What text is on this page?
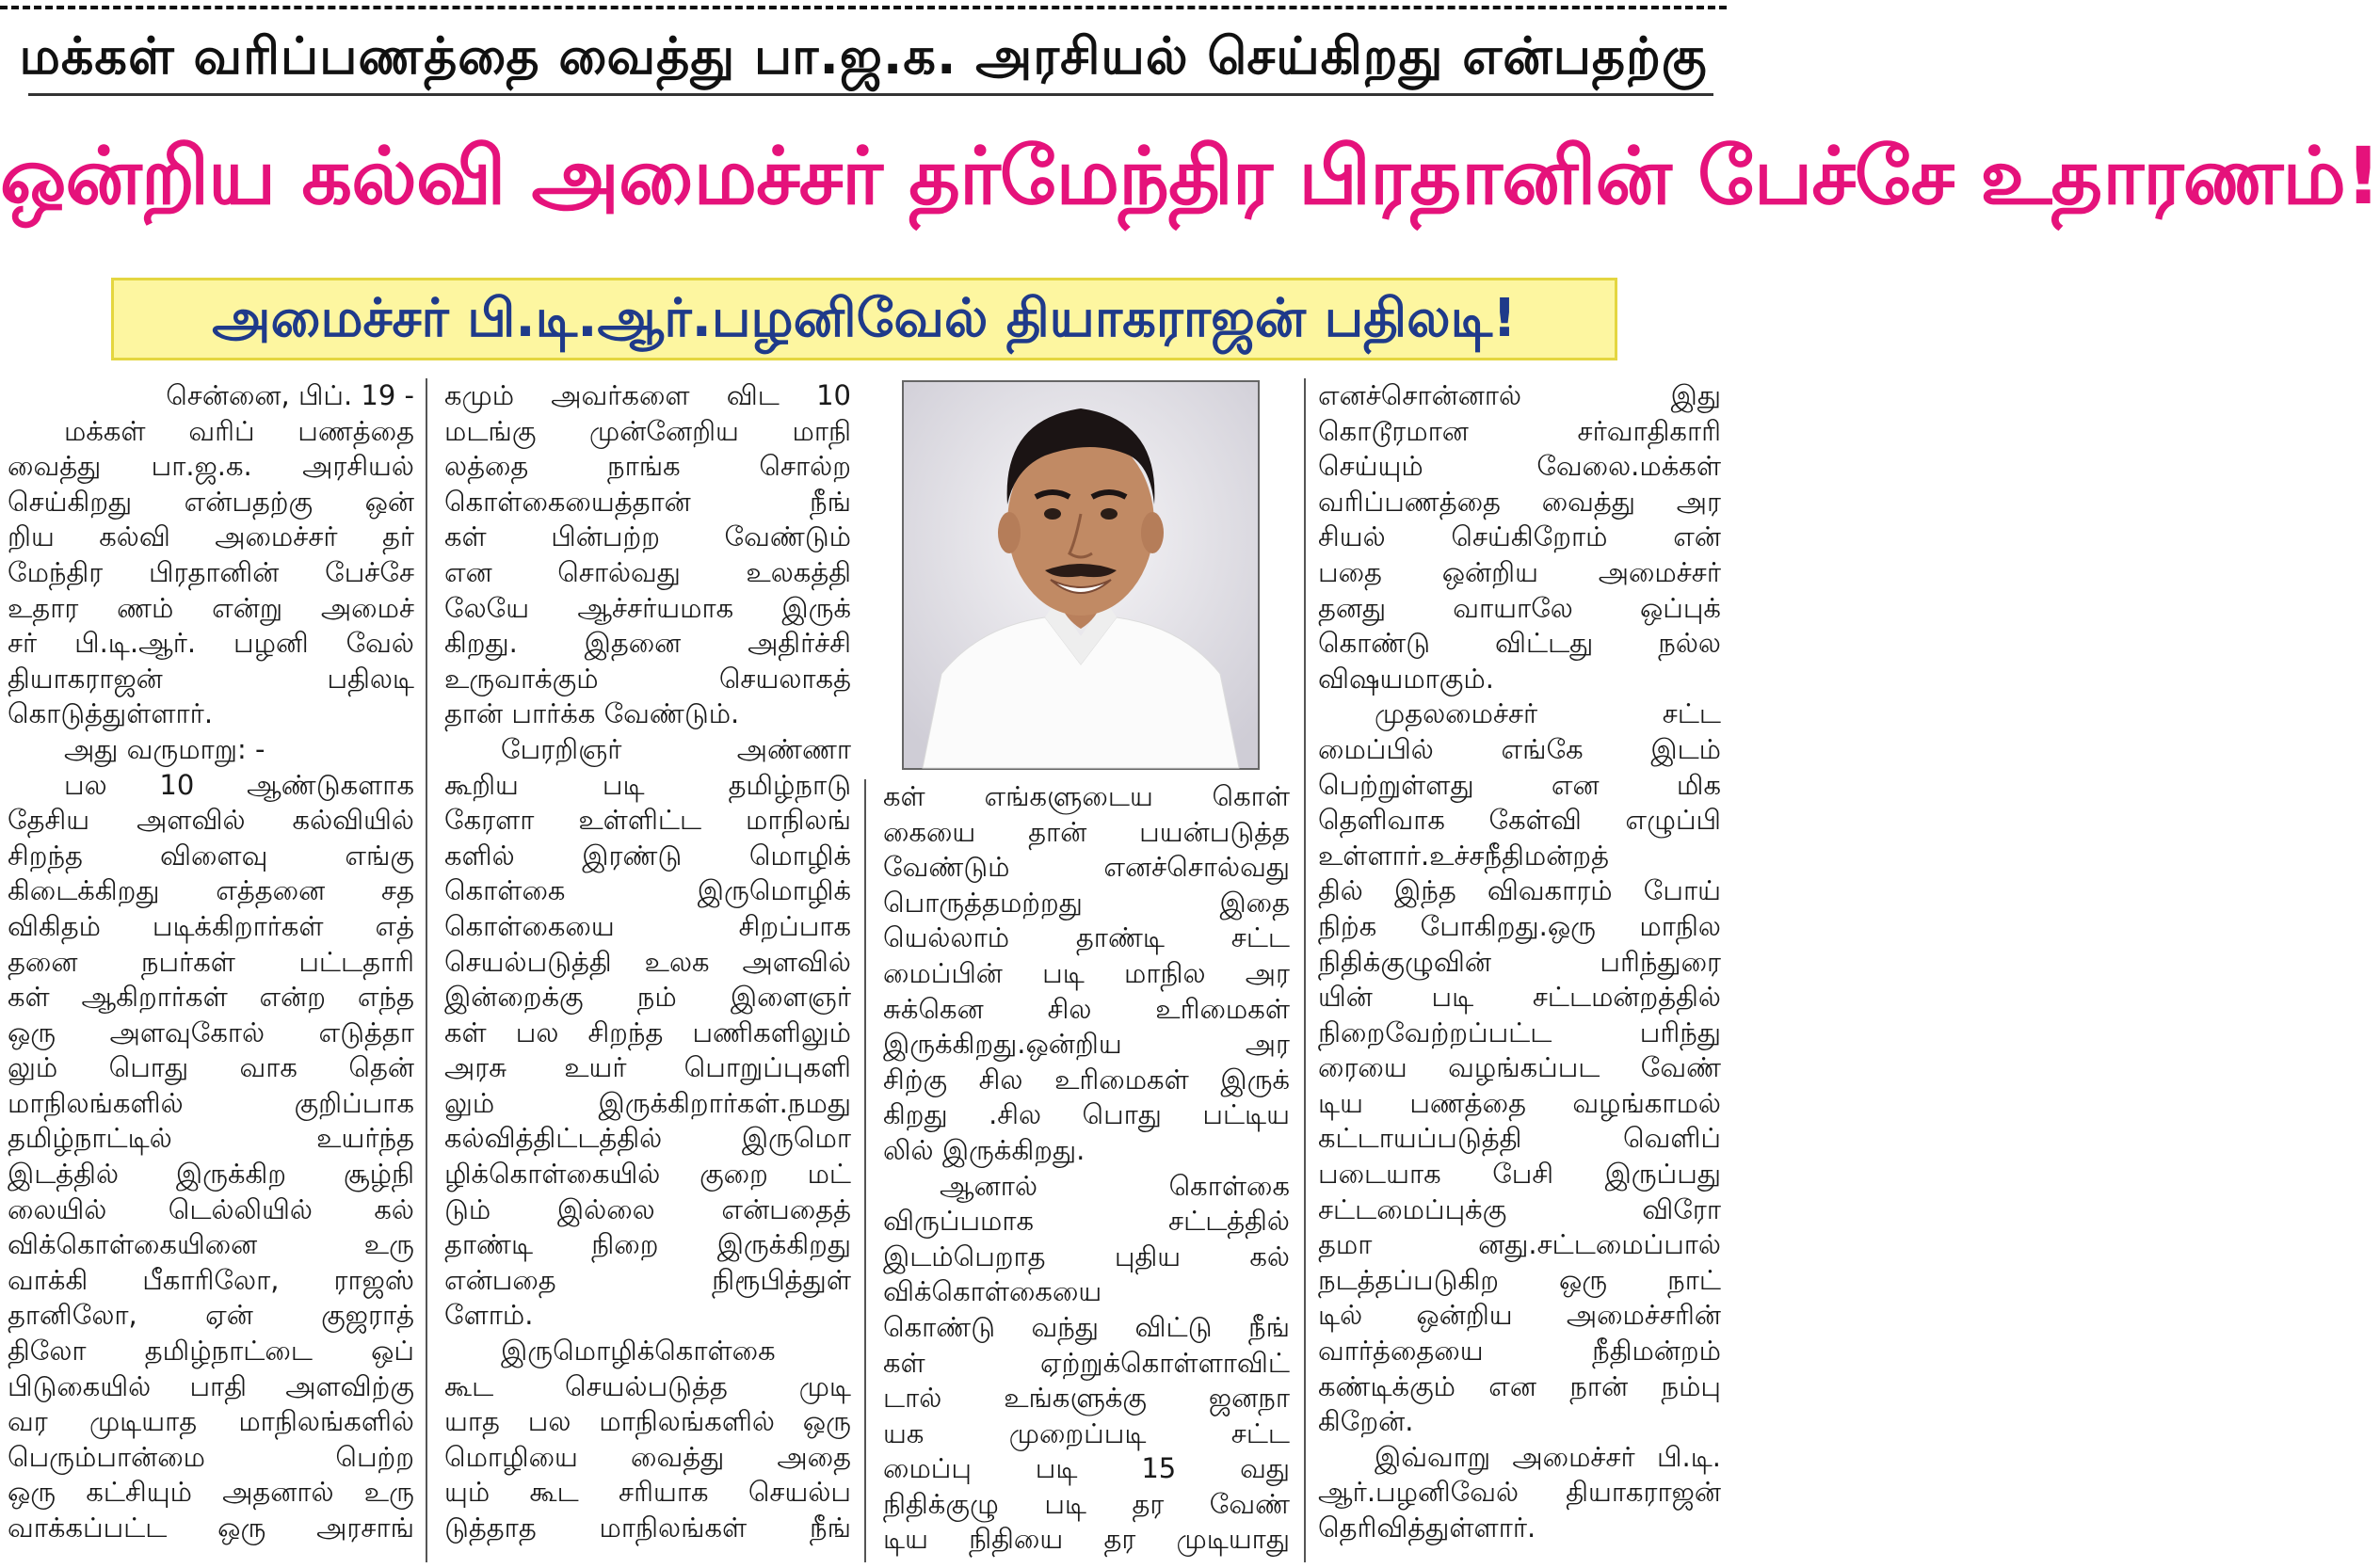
மக்கள் வரிப்பணத்தை வைத்து பா.ஜ.க. அரசியல் செய்கிறது என்பதற்கு
ஒன்றிய கல்வி அமைச்சர் தர்மேந்திர பிரதானின் பேச்சே உதாரணம்!
அமைச்சர் பி.டி.ஆர்.பழனிவேல் தியாகராஜன் பதிலடி!
சென்னை, பிப். 19 -
மக்கள் வரிப் பணத்தை
வைத்து பா.ஜ.க. அரசியல்
செய்கிறது என்பதற்கு ஒன்
றிய கல்வி அமைச்சர் தர்
மேந்திர பிரதானின் பேச்சே
உதார ணம் என்று அமைச்
சர் பி.டி.ஆர். பழனி வேல்
தியாகராஜன் பதிலடி
கொடுத்துள்ளார்.
அது வருமாறு: -
பல 10 ஆண்டுகளாக
தேசிய அளவில் கல்வியில்
சிறந்த விளைவு எங்கு
கிடைக்கிறது எத்தனை சத
விகிதம் படிக்கிறார்கள் எத்
தனை நபர்கள் பட்டதாரி
கள் ஆகிறார்கள் என்ற எந்த
ஒரு அளவுகோல் எடுத்தா
லும் பொது வாக தென்
மாநிலங்களில் குறிப்பாக
தமிழ்நாட்டில் உயர்ந்த
இடத்தில் இருக்கிற சூழ்நி
லையில் டெல்லியில் கல்
விக்கொள்கையினை உரு
வாக்கி பீகாரிலோ, ராஜஸ்
தானிலோ, ஏன் குஜராத்
திலோ தமிழ்நாட்டை ஒப்
பிடுகையில் பாதி அளவிற்கு
வர முடியாத மாநிலங்களில்
பெரும்பான்மை பெற்ற
ஒரு கட்சியும் அதனால் உரு
வாக்கப்பட்ட ஒரு அரசாங்
கமும் அவர்களை விட 10
மடங்கு முன்னேறிய மாநி
லத்தை நாங்க சொல்ற
கொள்கையைத்தான் நீங்
கள் பின்பற்ற வேண்டும்
என சொல்வது உலகத்தி
லேயே ஆச்சர்யமாக இருக்
கிறது. இதனை அதிர்ச்சி
உருவாக்கும் செயலாகத்
தான் பார்க்க வேண்டும்.
பேரறிஞர் அண்ணா
கூறிய படி தமிழ்நாடு
கேரளா உள்ளிட்ட மாநிலங்
களில் இரண்டு மொழிக்
கொள்கை இருமொழிக்
கொள்கையை சிறப்பாக
செயல்படுத்தி உலக அளவில்
இன்றைக்கு நம் இளைஞர்
கள் பல சிறந்த பணிகளிலும்
அரசு உயர் பொறுப்புகளி
லும் இருக்கிறார்கள்.நமது
கல்வித்திட்டத்தில் இருமொ
ழிக்கொள்கையில் குறை மட்
டும் இல்லை என்பதைத்
தாண்டி நிறை இருக்கிறது
என்பதை நிரூபித்துள்
ளோம்.
இருமொழிக்கொள்கை
கூட செயல்படுத்த முடி
யாத பல மாநிலங்களில் ஒரு
மொழியை வைத்து அதை
யும் கூட சரியாக செயல்ப
டுத்தாத மாநிலங்கள் நீங்
கள் எங்களுடைய கொள்
கையை தான் பயன்படுத்த
வேண்டும் எனச்சொல்வது
பொருத்தமற்றது இதை
யெல்லாம் தாண்டி சட்ட
மைப்பின் படி மாநில அர
சுக்கென சில உரிமைகள்
இருக்கிறது.ஒன்றிய அர
சிற்கு சில உரிமைகள் இருக்
கிறது .சில பொது பட்டிய
லில் இருக்கிறது.
ஆனால் கொள்கை
விருப்பமாக சட்டத்தில்
இடம்பெறாத புதிய கல்
விக்கொள்கையை
கொண்டு வந்து விட்டு நீங்
கள் ஏற்றுக்கொள்ளாவிட்
டால் உங்களுக்கு ஜனநா
யக முறைப்படி சட்ட
மைப்பு படி 15 வது
நிதிக்குழு படி தர வேண்
டிய நிதியை தர முடியாது
எனச்சொன்னால் இது
கொடூரமான சர்வாதிகாரி
செய்யும் வேலை.மக்கள்
வரிப்பணத்தை வைத்து அர
சியல் செய்கிறோம் என்
பதை ஒன்றிய அமைச்சர்
தனது வாயாலே ஒப்புக்
கொண்டு விட்டது நல்ல
விஷயமாகும்.
முதலமைச்சர் சட்ட
மைப்பில் எங்கே இடம்
பெற்றுள்ளது என மிக
தெளிவாக கேள்வி எழுப்பி
உள்ளார்.உச்சநீதிமன்றத்
தில் இந்த விவகாரம் போய்
நிற்க போகிறது.ஒரு மாநில
நிதிக்குழுவின் பரிந்துரை
யின் படி சட்டமன்றத்தில்
நிறைவேற்றப்பட்ட பரிந்து
ரையை வழங்கப்பட வேண்
டிய பணத்தை வழங்காமல்
கட்டாயப்படுத்தி வெளிப்
படையாக பேசி இருப்பது
சட்டமைப்புக்கு விரோ
தமா னது.சட்டமைப்பால்
நடத்தப்படுகிற ஒரு நாட்
டில் ஒன்றிய அமைச்சரின்
வார்த்தையை நீதிமன்றம்
கண்டிக்கும் என நான் நம்பு
கிறேன்.
இவ்வாறு அமைச்சர் பி.டி.
ஆர்.பழனிவேல் தியாகராஜன்
தெரிவித்துள்ளார்.
